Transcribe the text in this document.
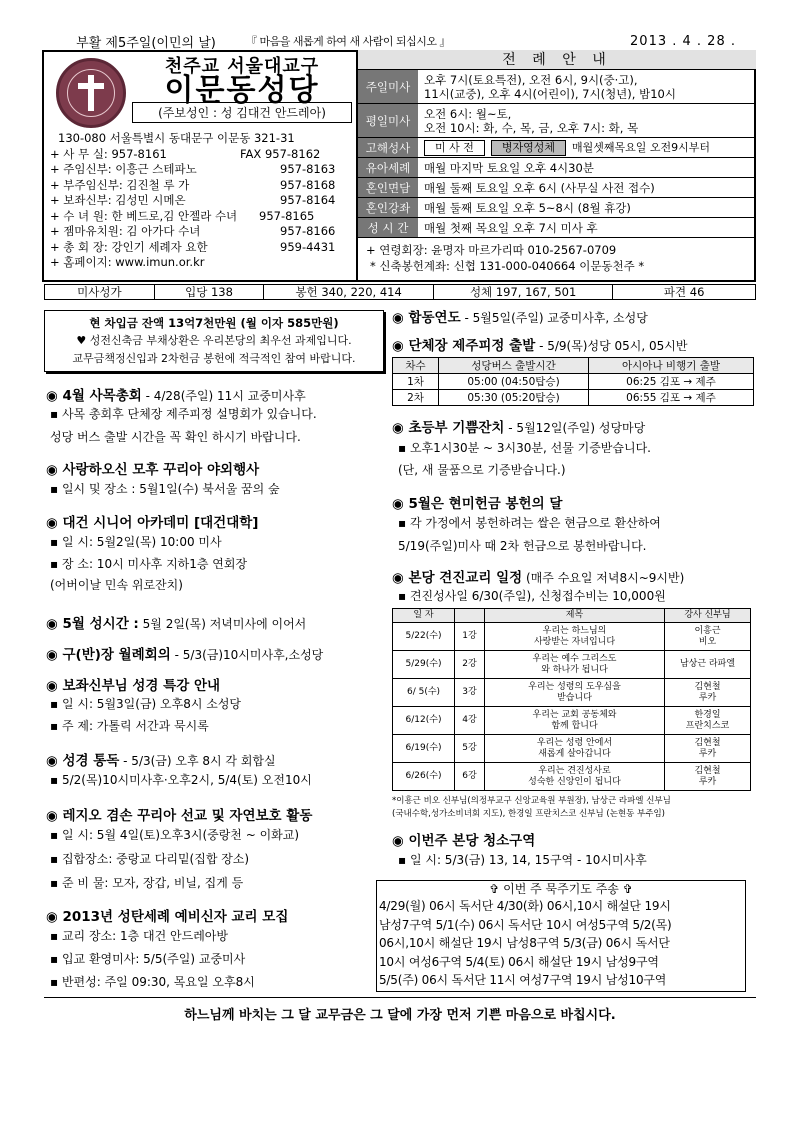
부활 제5주일(이민의 날)	『 마음을 새롭게 하여 새 사람이 되십시오 』	2013 . 4 . 28 .
천주교 서울대교구
이문동성당
(주보성인 : 성 김대건 안드레아)
130-080 서울특별시 동대문구 이문동 321-31
+ 사 무 실: 957-8161	FAX 957-8162
+ 주임신부: 이흥근 스테파노	957-8163
+ 부주임신부: 김진철 루 가	957-8168
+ 보좌신부: 김성민 시메온	957-8164
+ 수 녀 원: 한 베드로,김 안젤라 수녀	957-8165
+ 젬마유치원: 김 아가다 수녀	957-8166
+ 총 회 장: 강인기 세례자 요한	959-4431
+ 홈페이지: www.imun.or.kr
전 례 안 내
주일미사	오후 7시(토요특전), 오전 6시, 9시(중·고),
11시(교중), 오후 4시(어린이), 7시(청년), 밤10시
평일미사	오전 6시: 월~토,
오전 10시: 화, 수, 목, 금, 오후 7시: 화, 목
고해성사	미 사 전	병자영성체	매월셋째목요일 오전9시부터
유아세례	매월 마지막 토요일 오후 4시30분
혼인면담	매월 둘째 토요일 오후 6시 (사무실 사전 접수)
혼인강좌	매월 둘째 토요일 오후 5~8시 (8월 휴강)
성 시 간	매월 첫째 목요일 오후 7시 미사 후
+ 연령회장: 윤명자 마르가리따 010-2567-0709
* 신축봉헌계좌: 신협 131-000-040664 이문동천주 *
미사성가	입당 138	봉헌 340, 220, 414	성체 197, 167, 501	파견 46
현 차입금 잔액 13억7천만원 (월 이자 585만원)
♥ 성전신축금 부채상환은 우리본당의 최우선 과제입니다.
교무금책정신입과 2차헌금 봉헌에 적극적인 참여 바랍니다.
◉ 4월 사목총회 - 4/28(주일) 11시 교중미사후
▪ 사목 총회후 단체장 제주피정 설명회가 있습니다.
성당 버스 출발 시간을 꼭 확인 하시기 바랍니다.
◉ 사랑하오신 모후 꾸리아 야외행사
▪ 일시 및 장소 : 5월1일(수) 북서울 꿈의 숲
◉ 대건 시니어 아카데미 [대건대학]
▪ 일 시: 5월2일(목) 10:00 미사
▪ 장 소: 10시 미사후 지하1층 연회장
(어버이날 민속 위로잔치)
◉ 5월 성시간 : 5월 2일(목) 저녁미사에 이어서
◉ 구(반)장 월례회의 - 5/3(금)10시미사후,소성당
◉ 보좌신부님 성경 특강 안내
▪ 일 시: 5월3일(금) 오후8시 소성당
▪ 주 제: 가톨릭 서간과 묵시록
◉ 성경 통독 - 5/3(금) 오후 8시 각 회합실
▪ 5/2(목)10시미사후·오후2시, 5/4(토) 오전10시
◉ 레지오 겸손 꾸리아 선교 및 자연보호 활동
▪ 일 시: 5월 4일(토)오후3시(중랑천 ~ 이화교)
▪ 집합장소: 중랑교 다리밑(집합 장소)
▪ 준 비 물: 모자, 장갑, 비닐, 집게 등
◉ 2013년 성탄세례 예비신자 교리 모집
▪ 교리 장소: 1층 대건 안드레아방
▪ 입교 환영미사: 5/5(주일) 교중미사
▪ 반편성: 주일 09:30, 목요일 오후8시
◉ 합동연도 - 5월5일(주일) 교중미사후, 소성당
◉ 단체장 제주피정 출발 - 5/9(목)성당 05시, 05시반
차수	성당버스 출발시간	아시아나 비행기 출발
1차	05:00 (04:50탑승)	06:25 김포 → 제주
2차	05:30 (05:20탑승)	06:55 김포 → 제주
◉ 초등부 기쁨잔치 - 5월12일(주일) 성당마당
▪ 오후1시30분 ~ 3시30분, 선물 기증받습니다.
(단, 새 물품으로 기증받습니다.)
◉ 5월은 현미헌금 봉헌의 달
▪ 각 가정에서 봉헌하려는 쌀은 현금으로 환산하여
5/19(주일)미사 때 2차 헌금으로 봉헌바랍니다.
◉ 본당 견진교리 일정 (매주 수요일 저녁8시~9시반)
▪ 견진성사일 6/30(주일), 신청접수비는 10,000원
일 자		제목	강사 신부님
5/22(수)	1강	우리는 하느님의
사랑받는 자녀입니다	이흥근
비오
5/29(수)	2강	우리는 예수 그리스도
와 하나가 됩니다	남상근 라파엘
6/ 5(수)	3강	우리는 성령의 도우심을
받습니다	김현철
루카
6/12(수)	4강	우리는 교회 공동체와
함께 합니다	한경일
프란치스코
6/19(수)	5강	우리는 성령 안에서
새롭게 살아갑니다	김현철
루카
6/26(수)	6강	우리는 견진성사로
성숙한 신앙인이 됩니다	김현철
루카
*이흥근 비오 신부님(의정부교구 신앙교육원 부원장), 남상근 라파엘 신부님
(국내수학,성가소비녀회 지도), 한경일 프란치스코 신부님 (논현동 부주임)
◉ 이번주 본당 청소구역
▪ 일 시: 5/3(금) 13, 14, 15구역 - 10시미사후
✞ 이번 주 묵주기도 주송 ✞
4/29(월) 06시 독서단 4/30(화) 06시,10시 해설단 19시
남성7구역 5/1(수) 06시 독서단 10시 여성5구역 5/2(목)
06시,10시 해설단 19시 남성8구역 5/3(금) 06시 독서단
10시 여성6구역 5/4(토) 06시 해설단 19시 남성9구역
5/5(주) 06시 독서단 11시 여성7구역 19시 남성10구역
하느님께 바치는 그 달 교무금은 그 달에 가장 먼저 기쁜 마음으로 바칩시다.
